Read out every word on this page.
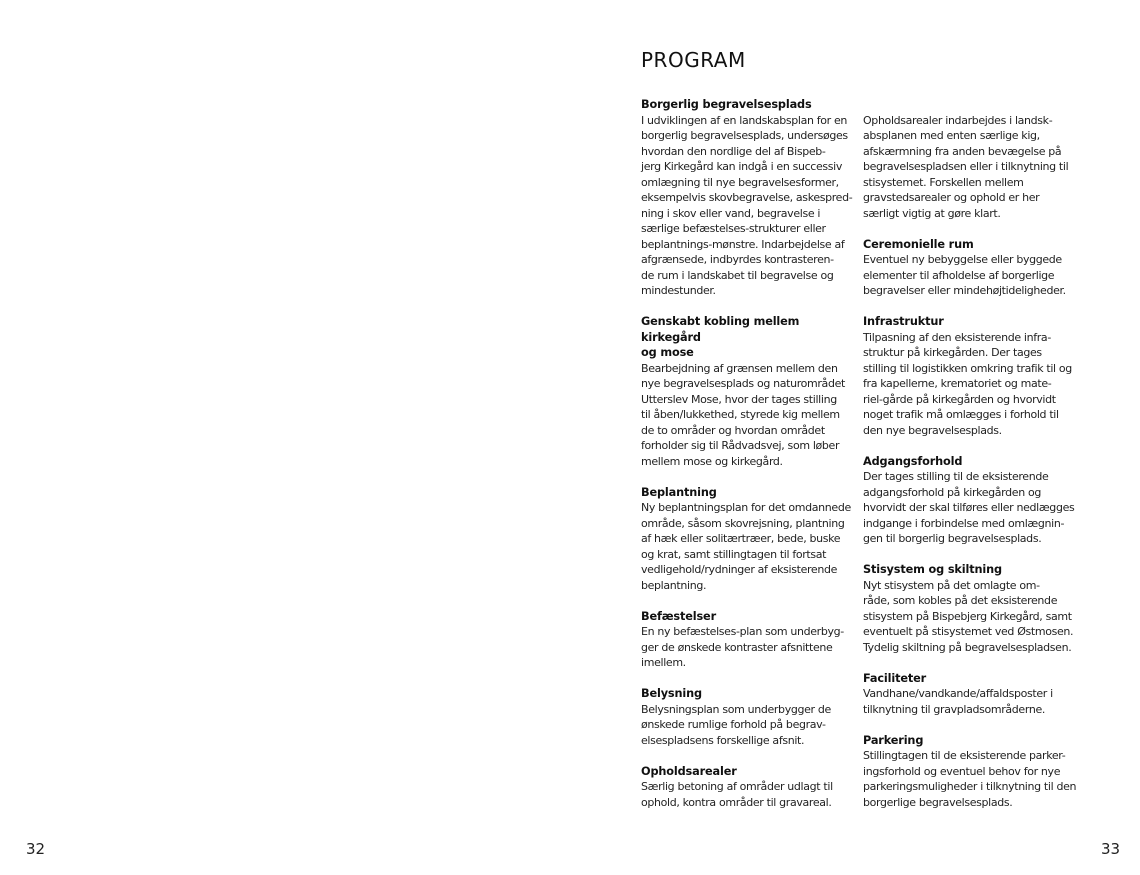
PROGRAM
Borgerlig begravelsesplads
I udviklingen af en landskabsplan for en
borgerlig begravelsesplads, undersøges
hvordan den nordlige del af Bispeb-
jerg Kirkegård kan indgå i en successiv
omlægning til nye begravelsesformer,
eksempelvis skovbegravelse, askespred-
ning i skov eller vand, begravelse i
særlige befæstelses-strukturer eller
beplantnings-mønstre. Indarbejdelse af
afgrænsede, indbyrdes kontrasteren-
de rum i landskabet til begravelse og
mindestunder.
Genskabt kobling mellem kirkegård
og mose
Bearbejdning af grænsen mellem den
nye begravelsesplads og naturområdet
Utterslev Mose, hvor der tages stilling
til åben/lukkethed, styrede kig mellem
de to områder og hvordan området
forholder sig til Rådvadsvej, som løber
mellem mose og kirkegård.
Beplantning
Ny beplantningsplan for det omdannede
område, såsom skovrejsning, plantning
af hæk eller solitærtræer, bede, buske
og krat, samt stillingtagen til fortsat
vedligehold/rydninger af eksisterende
beplantning.
Befæstelser
En ny befæstelses-plan som underbyg-
ger de ønskede kontraster afsnittene
imellem.
Belysning
Belysningsplan som underbygger de
ønskede rumlige forhold på begrav-
elsespladsens forskellige afsnit.
Opholdsarealer
Særlig betoning af områder udlagt til
ophold, kontra områder til gravareal.
Opholdsarealer indarbejdes i landsk-
absplanen med enten særlige kig,
afskærmning fra anden bevægelse på
begravelsespladsen eller i tilknytning til
stisystemet. Forskellen mellem
gravstedsarealer og ophold er her
særligt vigtig at gøre klart.
Ceremonielle rum
Eventuel ny bebyggelse eller byggede
elementer til afholdelse af borgerlige
begravelser eller mindehøjtideligheder.
Infrastruktur
Tilpasning af den eksisterende infra-
struktur på kirkegården. Der tages
stilling til logistikken omkring trafik til og
fra kapellerne, krematoriet og mate-
riel-gårde på kirkegården og hvorvidt
noget trafik må omlægges i forhold til
den nye begravelsesplads.
Adgangsforhold
Der tages stilling til de eksisterende
adgangsforhold på kirkegården og
hvorvidt der skal tilføres eller nedlægges
indgange i forbindelse med omlægnin-
gen til borgerlig begravelsesplads.
Stisystem og skiltning
Nyt stisystem på det omlagte om-
råde, som kobles på det eksisterende
stisystem på Bispebjerg Kirkegård, samt
eventuelt på stisystemet ved Østmosen.
Tydelig skiltning på begravelsespladsen.
Faciliteter
Vandhane/vandkande/affaldsposter i
tilknytning til gravpladsområderne.
Parkering
Stillingtagen til de eksisterende parker-
ingsforhold og eventuel behov for nye
parkeringsmuligheder i tilknytning til den
borgerlige begravelsesplads.
32	33
